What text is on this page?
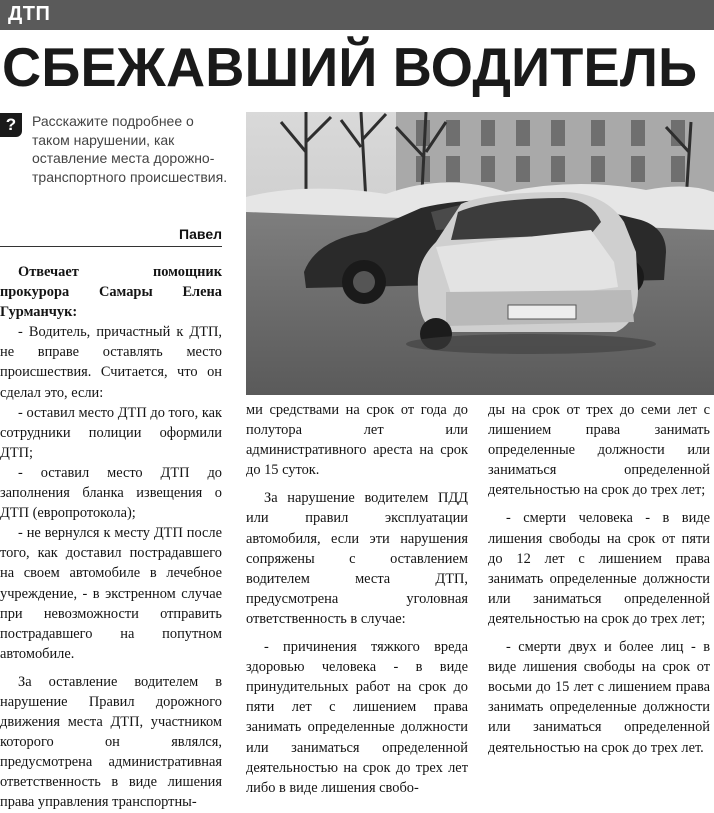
ДТП
СБЕЖАВШИЙ ВОДИТЕЛЬ
?	Расскажите подробнее о таком нарушении, как оставление места дорожно-транспортного происшествия.
Павел

Отвечает помощник прокурора Самары Елена Гурманчук:

- Водитель, причастный к ДТП, не вправе оставлять место происшествия. Считается, что он сделал это, если:

- оставил место ДТП до того, как сотрудники полиции оформили ДТП;

- оставил место ДТП до заполнения бланка извещения о ДТП (европротокола);

- не вернулся к месту ДТП после того, как доставил пострадавшего на своем автомобиле в лечебное учреждение, - в экстренном случае при невозможности отправить пострадавшего на попутном автомобиле.

За оставление водителем в нарушение Правил дорожного движения места ДТП, участником которого он являлся, предусмотрена административная ответственность в виде лишения права управления транспортны-

ми средствами на срок от года до полутора лет или административного ареста на срок до 15 суток.

За нарушение водителем ПДД или правил эксплуатации автомобиля, если эти нарушения сопряжены с оставлением водителем места ДТП, предусмотрена уголовная ответственность в случае:

- причинения тяжкого вреда здоровью человека - в виде принудительных работ на срок до пяти лет с лишением права занимать определенные должности или заниматься определенной деятельностью на срок до трех лет либо в виде лишения свобо-

ды на срок от трех до семи лет с лишением права занимать определенные должности или заниматься определенной деятельностью на срок до трех лет;

- смерти человека - в виде лишения свободы на срок от пяти до 12 лет с лишением права занимать определенные должности или заниматься определенной деятельностью на срок до трех лет;

- смерти двух и более лиц - в виде лишения свободы на срок от восьми до 15 лет с лишением права занимать определенные должности или заниматься определенной деятельностью на срок до трех лет.
